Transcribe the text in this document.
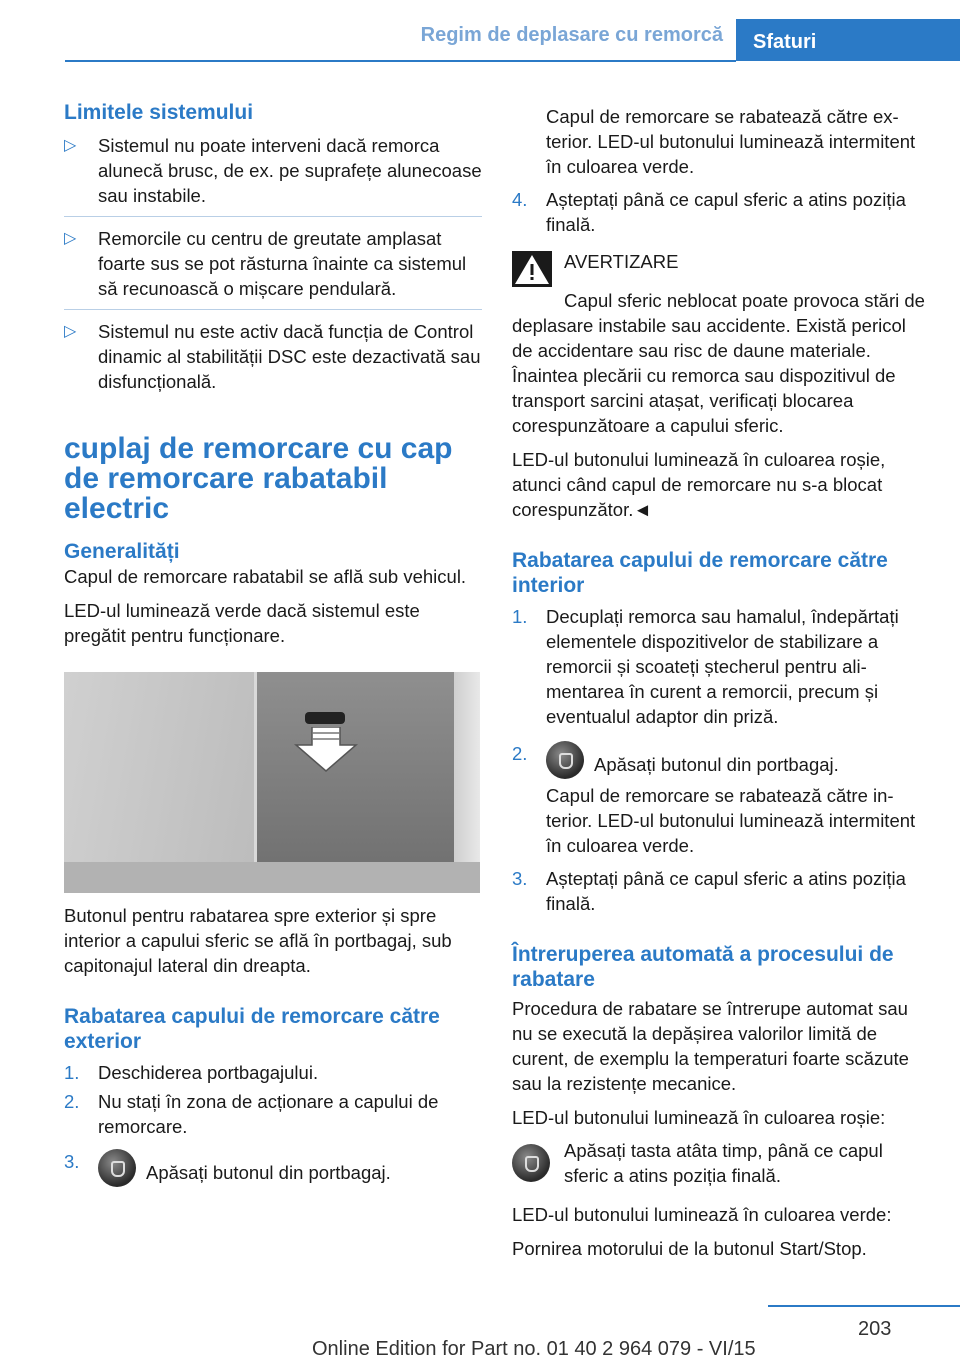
Regim de deplasare cu remorcă	Sfaturi
Limitele sistemului
▷	Sistemul nu poate interveni dacă remorca alunecă brusc, de ex. pe suprafețe alunecoase sau instabile.
▷	Remorcile cu centru de greutate amplasat foarte sus se pot răsturna înainte ca sistemul să recunoască o mișcare pendulară.
▷	Sistemul nu este activ dacă funcția de Control dinamic al stabilității DSC este dezactivată sau disfuncțională.
cuplaj de remorcare cu cap de remorcare rabatabil electric
Generalități

Capul de remorcare rabatabil se află sub vehicul.

LED-ul luminează verde dacă sistemul este pregătit pentru funcționare.

Butonul pentru rabatarea spre exterior și spre interior a capului sferic se află în portbagaj, sub capitonajul lateral din dreapta.

Rabatarea capului de remorcare către exterior
1.	Deschiderea portbagajului.
2.	Nu stați în zona de acționare a capului de remorcare.
3.
Apăsați butonul din portbagaj.

Capul de remorcare se rabatează către exterior. LED-ul butonului luminează intermitent în culoarea verde.

4.	Așteptați până ce capul sferic a atins poziția finală.

AVERTIZARE

Capul sferic neblocat poate provoca stări de deplasare instabile sau accidente. Există pericol de accidentare sau risc de daune materiale. Înaintea plecării cu remorca sau dispozitivul de transport sarcini atașat, verificați blocarea corespunzătoare a capului sferic.

LED-ul butonului luminează în culoarea roșie, atunci când capul de remorcare nu s-a blocat corespunzător.◄

Rabatarea capului de remorcare către interior
1.	Decuplați remorca sau hamalul, îndepărtați elementele dispozitivelor de stabilizare a remorcii și scoateți ștecherul pentru alimentarea în curent a remorcii, precum și eventualul adaptor din priză.
2.
Apăsați butonul din portbagaj.

Capul de remorcare se rabatează către interior. LED-ul butonului luminează intermitent în culoarea verde.

3.	Așteptați până ce capul sferic a atins poziția finală.
Întreruperea automată a procesului de rabatare

Procedura de rabatare se întrerupe automat sau nu se execută la depășirea valorilor limită de curent, de exemplu la temperaturi foarte scăzute sau la rezistențe mecanice.

LED-ul butonului luminează în culoarea roșie:

Apăsați tasta atâta timp, până ce capul sferic a atins poziția finală.

LED-ul butonului luminează în culoarea verde:

Pornirea motorului de la butonul Start/Stop.

203
Online Edition for Part no. 01 40 2 964 079 - VI/15
